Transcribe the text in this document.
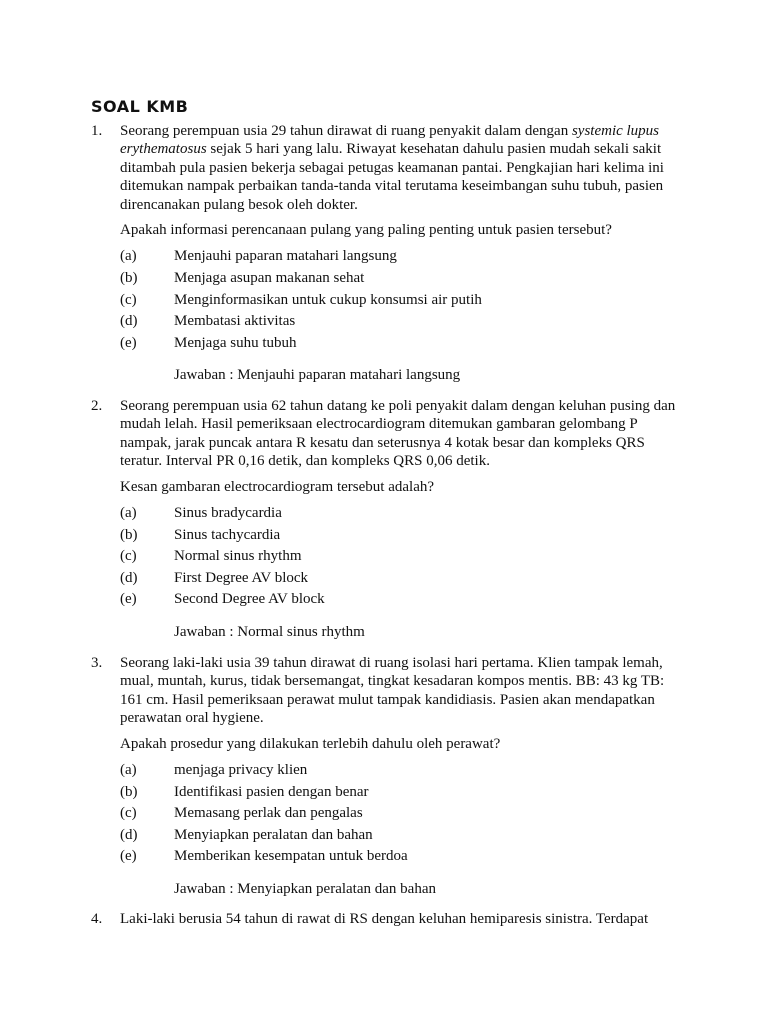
SOAL KMB
1.	Seorang perempuan usia 29 tahun dirawat di ruang penyakit dalam dengan systemic lupus
erythematosus sejak 5 hari yang lalu. Riwayat kesehatan dahulu pasien mudah sekali sakit
ditambah pula pasien bekerja sebagai petugas keamanan pantai. Pengkajian hari kelima ini
ditemukan nampak perbaikan tanda-tanda vital terutama keseimbangan suhu tubuh, pasien
direncanakan pulang besok oleh dokter.
Apakah informasi perencanaan pulang yang paling penting untuk pasien tersebut?
(a)	Menjauhi paparan matahari langsung
(b)	Menjaga asupan makanan sehat
(c)	Menginformasikan untuk cukup konsumsi air putih
(d)	Membatasi aktivitas
(e)	Menjaga suhu tubuh
Jawaban : Menjauhi paparan matahari langsung
2.	Seorang perempuan usia 62 tahun datang ke poli penyakit dalam dengan keluhan pusing dan
mudah lelah. Hasil pemeriksaan electrocardiogram ditemukan gambaran gelombang P
nampak, jarak puncak antara R kesatu dan seterusnya 4 kotak besar dan kompleks QRS
teratur. Interval PR 0,16 detik, dan kompleks QRS 0,06 detik.
Kesan gambaran electrocardiogram tersebut adalah?
(a)	Sinus bradycardia
(b)	Sinus tachycardia
(c)	Normal sinus rhythm
(d)	First Degree AV block
(e)	Second Degree AV block
Jawaban : Normal sinus rhythm
3.	Seorang laki-laki usia 39 tahun dirawat di ruang isolasi hari pertama. Klien tampak lemah,
mual, muntah, kurus, tidak bersemangat, tingkat kesadaran kompos mentis. BB: 43 kg TB:
161 cm. Hasil pemeriksaan perawat mulut tampak kandidiasis. Pasien akan mendapatkan
perawatan oral hygiene.
Apakah prosedur yang dilakukan terlebih dahulu oleh perawat?
(a)	menjaga privacy klien
(b)	Identifikasi pasien dengan benar
(c)	Memasang perlak dan pengalas
(d)	Menyiapkan peralatan dan bahan
(e)	Memberikan kesempatan untuk berdoa
Jawaban : Menyiapkan peralatan dan bahan
4.	Laki-laki berusia 54 tahun di rawat di RS dengan keluhan hemiparesis sinistra. Terdapat
